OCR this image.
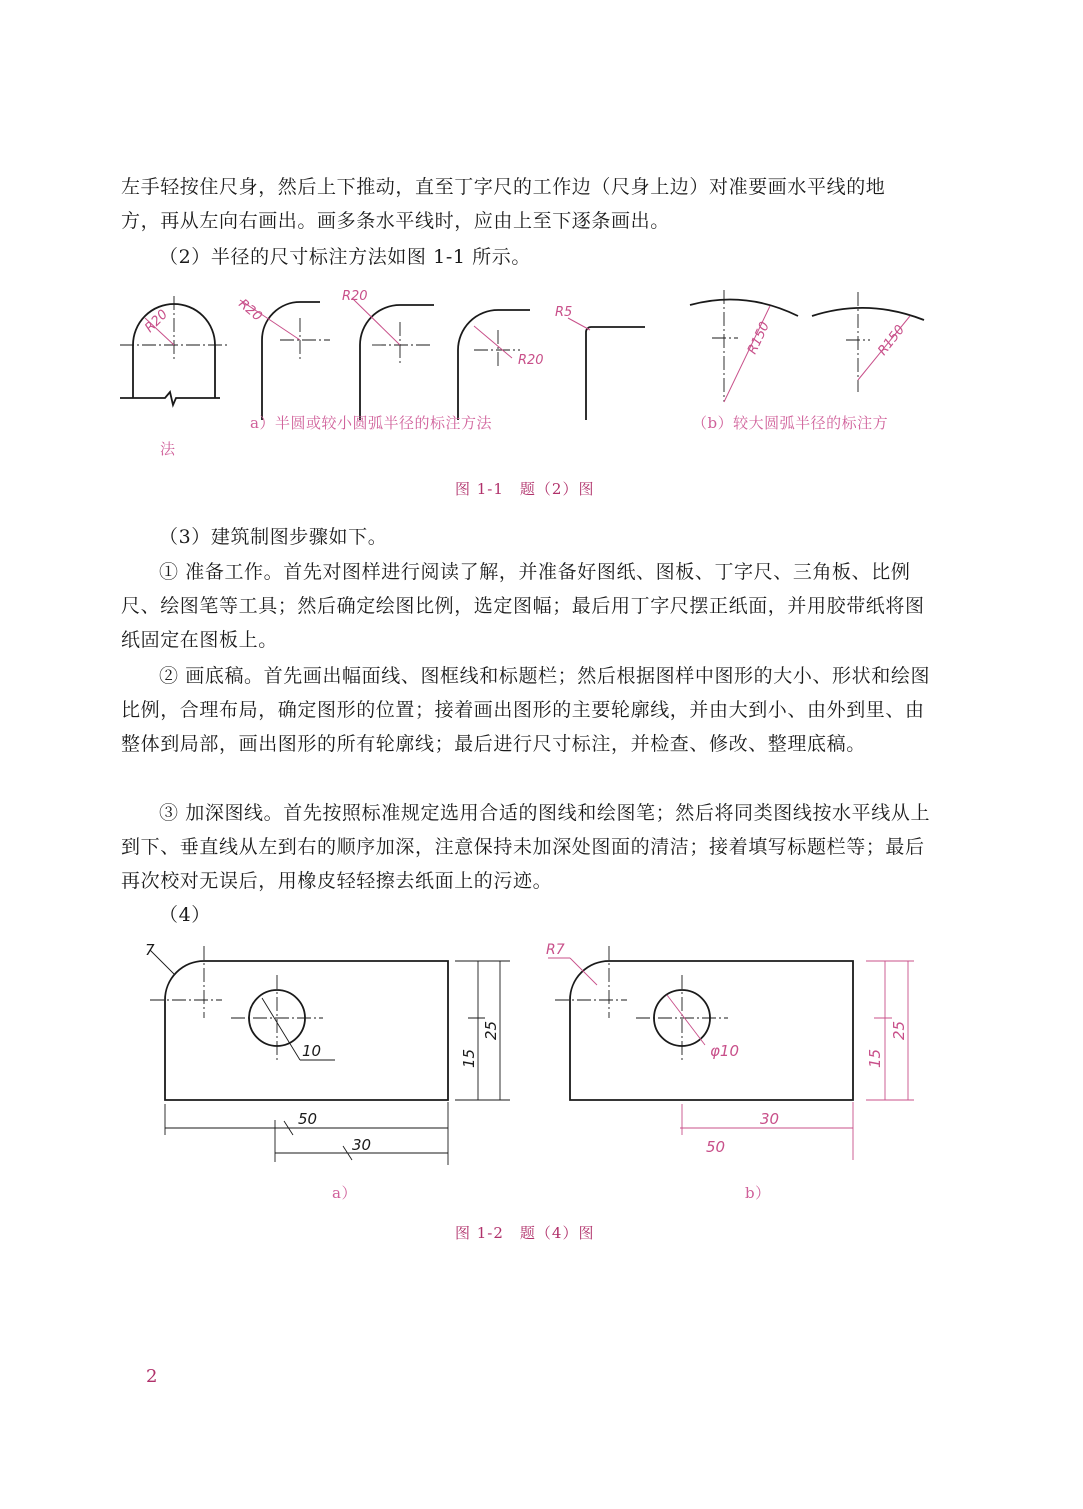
左手轻按住尺身，然后上下推动，直至丁字尺的工作边（尺身上边）对准要画水平线的地
方，再从左向右画出。画多条水平线时，应由上至下逐条画出。
（2）半径的尺寸标注方法如图 1-1 所示。
R20	R20
R20
R20
R5
R150	R150
a）半圆或较小圆弧半径的标注方法
法
（b）较大圆弧半径的标注方
图 1-1　题（2）图
（3）建筑制图步骤如下。
① 准备工作。首先对图样进行阅读了解，并准备好图纸、图板、丁字尺、三角板、比例尺、绘图笔等工具；然后确定绘图比例，选定图幅；最后用丁字尺摆正纸面，并用胶带纸将图纸固定在图板上。
② 画底稿。首先画出幅面线、图框线和标题栏；然后根据图样中图形的大小、形状和绘图比例，合理布局，确定图形的位置；接着画出图形的主要轮廓线，并由大到小、由外到里、由整体到局部，画出图形的所有轮廓线；最后进行尺寸标注，并检查、修改、整理底稿。
③ 加深图线。首先按照标准规定选用合适的图线和绘图笔；然后将同类图线按水平线从上到下、垂直线从左到右的顺序加深，注意保持未加深处图面的清洁；接着填写标题栏等；最后再次校对无误后，用橡皮轻轻擦去纸面上的污迹。
（4）
7
10
50
30
15
25
R7
φ10
30
50
15
25
a）	b）
图 1-2　题（4）图
2
